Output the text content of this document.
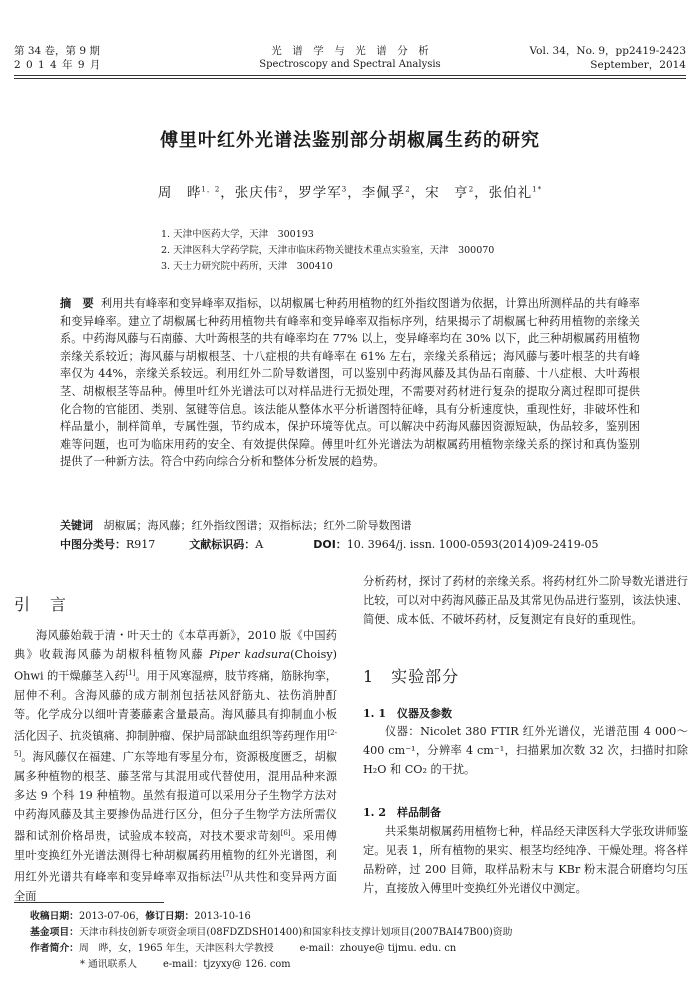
第 34 卷，第 9 期
2 0 1 4 年 9 月
光　谱　学　与　光　谱　分　析
Spectroscopy and Spectral Analysis
Vol. 34，No. 9，pp2419-2423
September，2014
傅里叶红外光谱法鉴别部分胡椒属生药的研究
周　晔$^{1,2}$，张庆伟$^2$，罗学军$^3$，李佩孚$^2$，宋　亨$^2$，张伯礼$^{1*}$
1. 天津中医药大学，天津　300193
2. 天津医科大学药学院，天津市临床药物关键技术重点实验室，天津　300070
3. 天士力研究院中药所，天津　300410
摘　要 利用共有峰率和变异峰率双指标，以胡椒属七种药用植物的红外指纹图谱为依据，计算出所测样品的共有峰率和变异峰率。建立了胡椒属七种药用植物共有峰率和变异峰率双指标序列，结果揭示了胡椒属七种药用植物的亲缘关系。中药海风藤与石南藤、大叶蒟根茎的共有峰率均在 77% 以上，变异峰率均在 30% 以下，此三种胡椒属药用植物亲缘关系较近；海风藤与胡椒根茎、十八症根的共有峰率在 61% 左右，亲缘关系稍远；海风藤与萎叶根茎的共有峰率仅为 44%，亲缘关系较远。利用红外二阶导数谱图，可以鉴别中药海风藤及其伪品石南藤、十八症根、大叶蒟根茎、胡椒根茎等品种。傅里叶红外光谱法可以对样品进行无损处理，不需要对药材进行复杂的提取分离过程即可提供化合物的官能团、类别、氢键等信息。该法能从整体水平分析谱图特征峰，具有分析速度快，重现性好，非破坏性和样品量小，制样简单，专属性强，节约成本，保护环境等优点。可以解决中药海风藤因资源短缺，伪品较多，鉴别困难等问题，也可为临床用药的安全、有效提供保障。傅里叶红外光谱法为胡椒属药用植物亲缘关系的探讨和真伪鉴别提供了一种新方法。符合中药向综合分析和整体分析发展的趋势。
关键词 胡椒属；海风藤；红外指纹图谱；双指标法；红外二阶导数图谱
中图分类号：R917	文献标识码：A	DOI：10. 3964/j. issn. 1000-0593(2014)09-2419-05
引　言
海风藤始载于清・叶天士的《本草再新》，2010 版《中国药典》收载海风藤为胡椒科植物风藤 Piper kadsura(Choisy) Ohwi 的干燥藤茎入药[1]。用于风寒湿痹，肢节疼痛，筋脉拘挛，屈伸不利。含海风藤的成方制剂包括祛风舒筋丸、祛伤消肿酊等。化学成分以细叶青萎藤素含量最高。海风藤具有抑制血小板活化因子、抗炎镇痛、抑制肿瘤、保护局部缺血组织等药理作用[2-5]。海风藤仅在福建、广东等地有零星分布，资源极度匮乏，胡椒属多种植物的根茎、藤茎常与其混用或代替使用，混用品种来源多达 9 个科 19 种植物。虽然有报道可以采用分子生物学方法对中药海风藤及其主要掺伪品进行区分，但分子生物学方法所需仪器和试剂价格昂贵，试验成本较高，对技术要求苛刻[6]。采用傅里叶变换红外光谱法测得七种胡椒属药用植物的红外光谱图，利用红外光谱共有峰率和变异峰率双指标法[7]从共性和变异两方面全面
分析药材，探讨了药材的亲缘关系。将药材红外二阶导数光谱进行比较，可以对中药海风藤正品及其常见伪品进行鉴别，该法快速、简便、成本低、不破坏药材，反复测定有良好的重现性。
1　实验部分
1. 1　仪器及参数
仪器：Nicolet 380 FTIR 红外光谱仪，光谱范围 4 000～400 cm⁻¹，分辨率 4 cm⁻¹，扫描累加次数 32 次，扫描时扣除 H₂O 和 CO₂ 的干扰。
1. 2　样品制备
共采集胡椒属药用植物七种，样品经天津医科大学张玫讲师鉴定。见表 1，所有植物的果实、根茎均经纯净、干燥处理。将各样品粉碎，过 200 目筛，取样品粉末与 KBr 粉末混合研磨均匀压片，直接放入傅里叶变换红外光谱仪中测定。
收稿日期：2013-07-06，修订日期：2013-10-16
基金项目：天津市科技创新专项资金项目(08FDZDSH01400)和国家科技支撑计划项目(2007BAI47B00)资助
作者简介：周　晔，女，1965 年生，天津医科大学教授	e-mail：zhouye@ tijmu. edu. cn
* 通讯联系人	e-mail：tjzyxy@ 126. com
